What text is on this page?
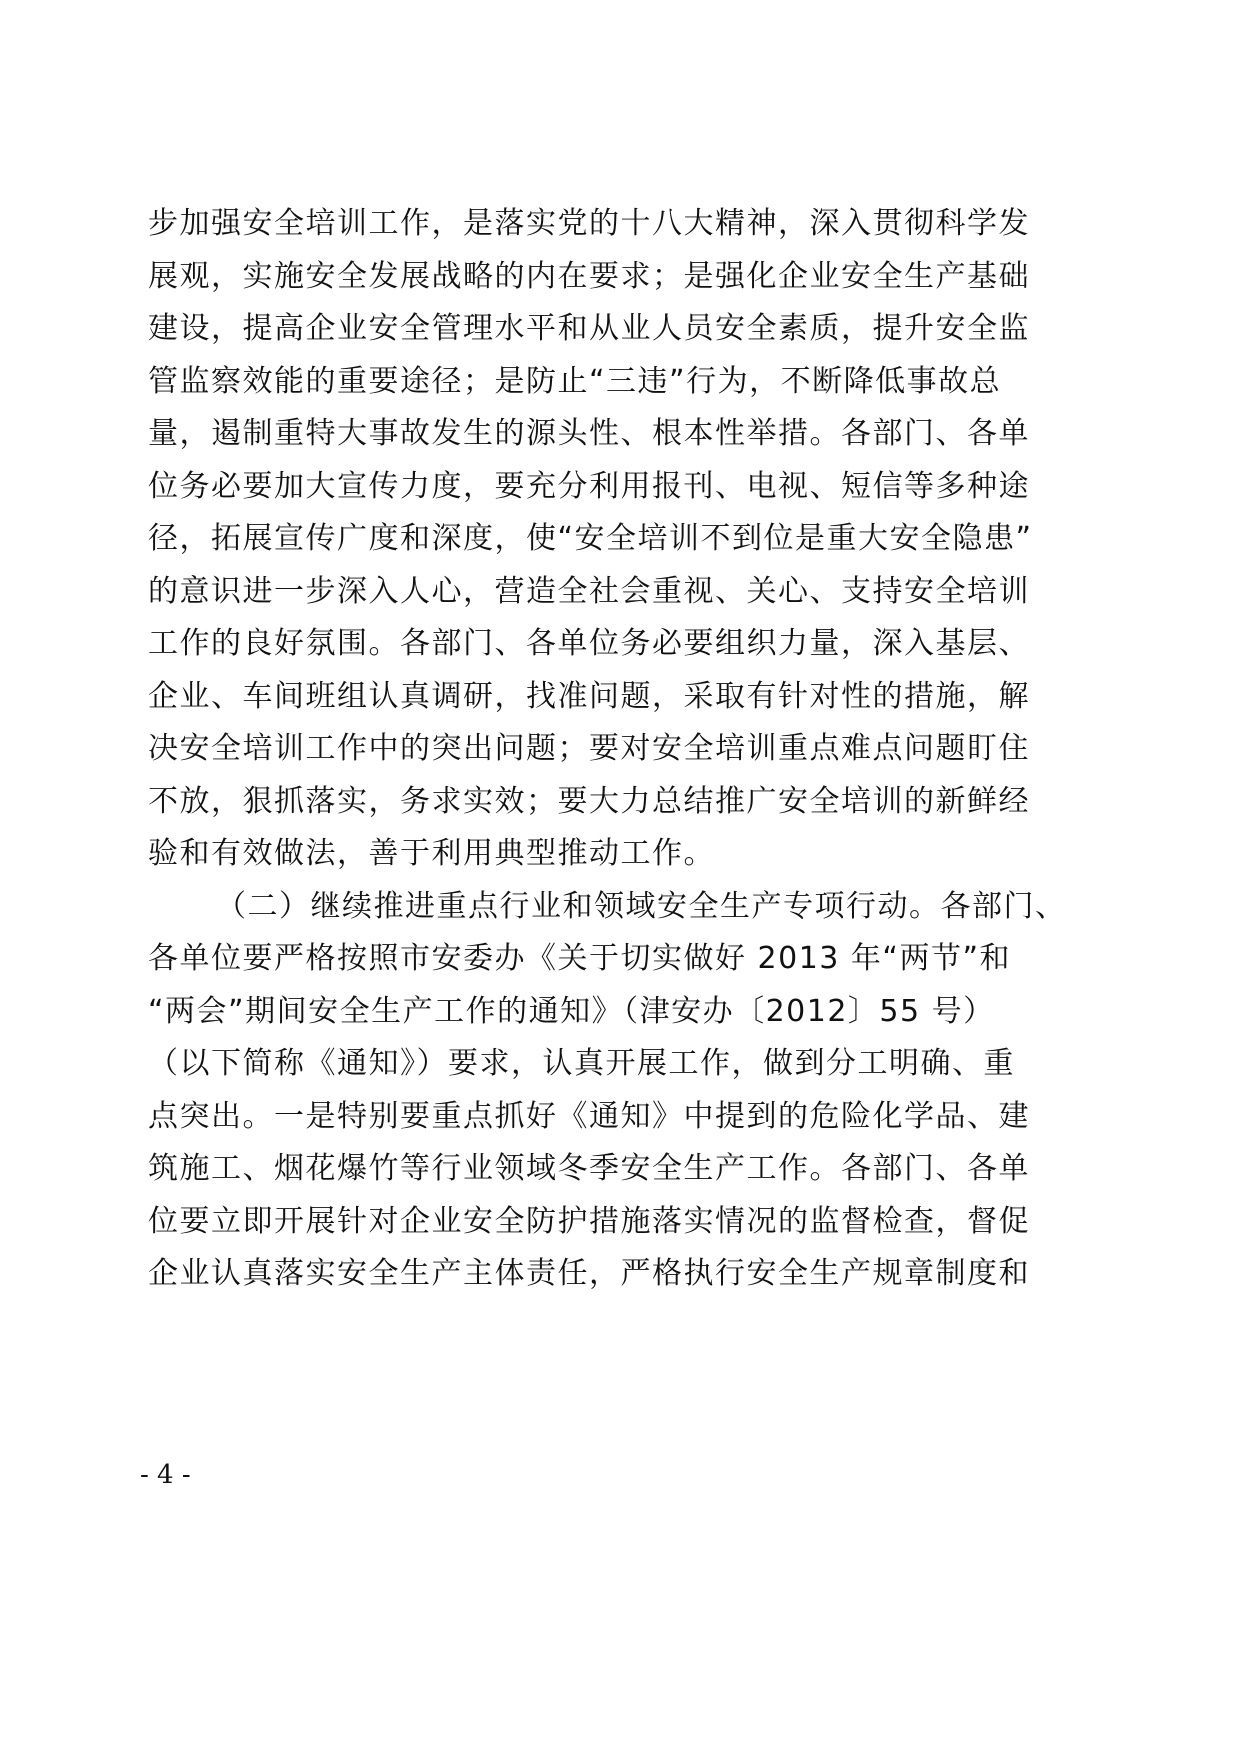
步加强安全培训工作，是落实党的十八大精神，深入贯彻科学发
展观，实施安全发展战略的内在要求；是强化企业安全生产基础
建设，提高企业安全管理水平和从业人员安全素质，提升安全监
管监察效能的重要途径；是防止“三违”行为，不断降低事故总
量，遏制重特大事故发生的源头性、根本性举措。各部门、各单
位务必要加大宣传力度，要充分利用报刊、电视、短信等多种途
径，拓展宣传广度和深度，使“安全培训不到位是重大安全隐患”
的意识进一步深入人心，营造全社会重视、关心、支持安全培训
工作的良好氛围。各部门、各单位务必要组织力量，深入基层、
企业、车间班组认真调研，找准问题，采取有针对性的措施，解
决安全培训工作中的突出问题；要对安全培训重点难点问题盯住
不放，狠抓落实，务求实效；要大力总结推广安全培训的新鲜经
验和有效做法，善于利用典型推动工作。
（二）继续推进重点行业和领域安全生产专项行动。各部门、
各单位要严格按照市安委办《关于切实做好 2013 年“两节”和
“两会”期间安全生产工作的通知》（津安办〔2012〕55 号）
（以下简称《通知》）要求，认真开展工作，做到分工明确、重
点突出。一是特别要重点抓好《通知》中提到的危险化学品、建
筑施工、烟花爆竹等行业领域冬季安全生产工作。各部门、各单
位要立即开展针对企业安全防护措施落实情况的监督检查，督促
企业认真落实安全生产主体责任，严格执行安全生产规章制度和
- 4 -
